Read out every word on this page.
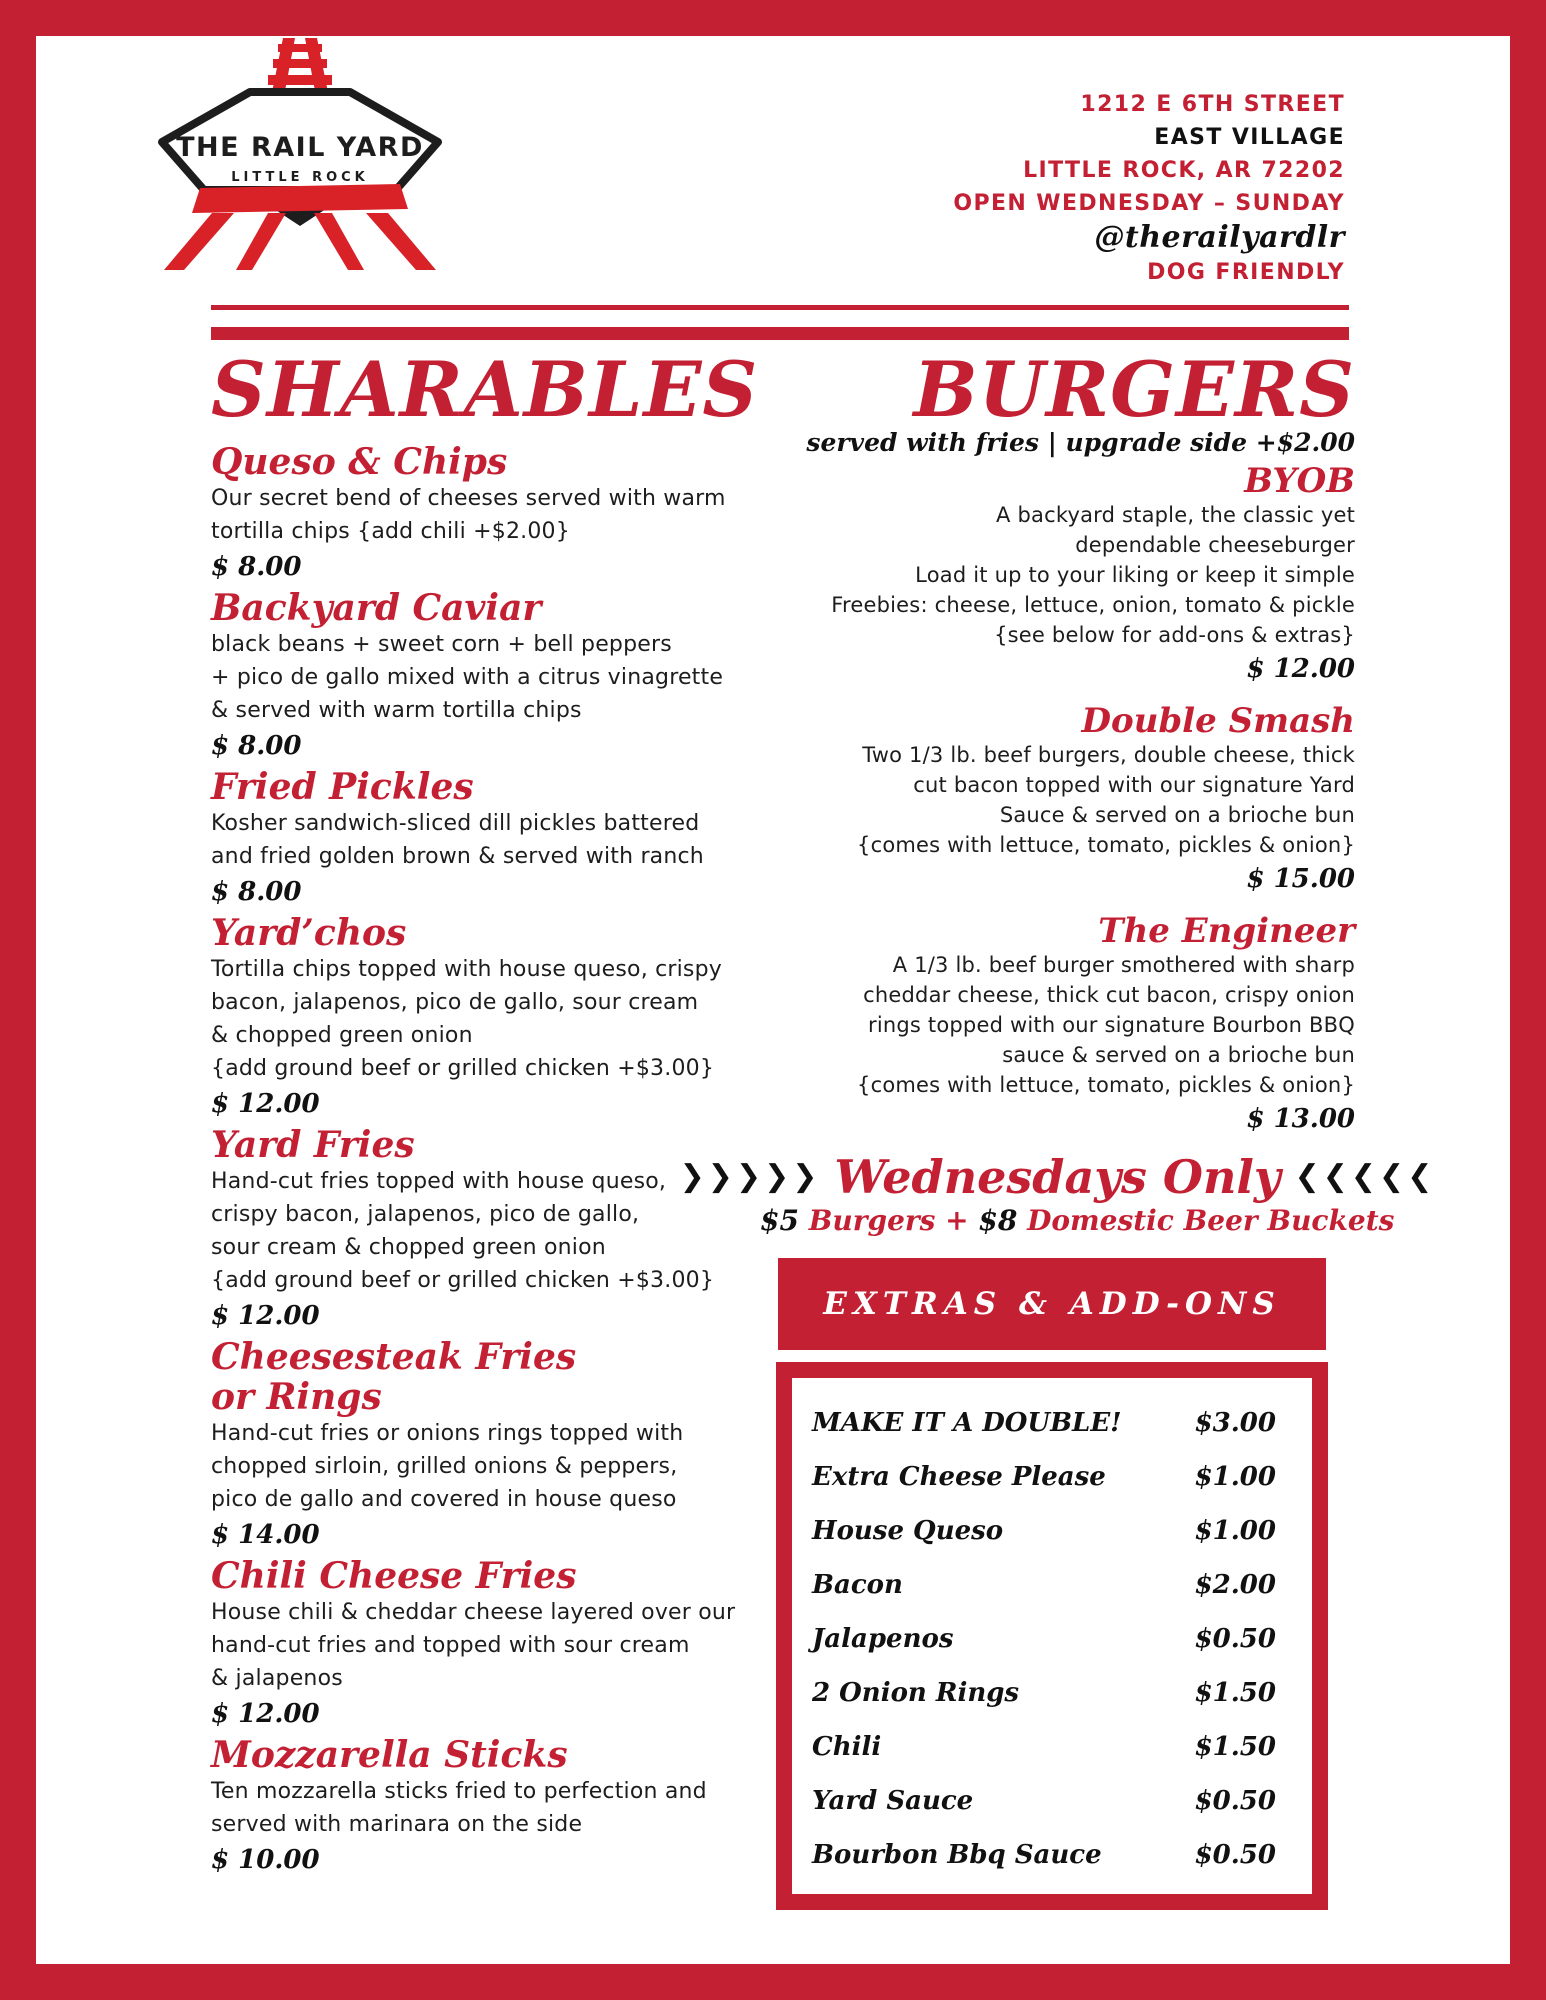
THE RAIL YARD
LITTLE ROCK
1212 E 6TH STREET
EAST VILLAGE
LITTLE ROCK, AR 72202
OPEN WEDNESDAY – SUNDAY
@therailyardlr
DOG FRIENDLY
SHARABLES
Queso & Chips
Our secret bend of cheeses served with warm
tortilla chips {add chili +$2.00}
$ 8.00
Backyard Caviar
black beans + sweet corn + bell peppers
+ pico de gallo mixed with a citrus vinagrette
& served with warm tortilla chips
$ 8.00
Fried Pickles
Kosher sandwich-sliced dill pickles battered
and fried golden brown & served with ranch
$ 8.00
Yard’chos
Tortilla chips topped with house queso, crispy
bacon, jalapenos, pico de gallo, sour cream
& chopped green onion
{add ground beef or grilled chicken +$3.00}
$ 12.00
Yard Fries
Hand-cut fries topped with house queso,
crispy bacon, jalapenos, pico de gallo,
sour cream & chopped green onion
{add ground beef or grilled chicken +$3.00}
$ 12.00
Cheesesteak Fries
or Rings
Hand-cut fries or onions rings topped with
chopped sirloin, grilled onions & peppers,
pico de gallo and covered in house queso
$ 14.00
Chili Cheese Fries
House chili & cheddar cheese layered over our
hand-cut fries and topped with sour cream
& jalapenos
$ 12.00
Mozzarella Sticks
Ten mozzarella sticks fried to perfection and
served with marinara on the side
$ 10.00
BURGERS
served with fries | upgrade side +$2.00
BYOB
A backyard staple, the classic yet
dependable cheeseburger
Load it up to your liking or keep it simple
Freebies: cheese, lettuce, onion, tomato & pickle
{see below for add-ons & extras}
$ 12.00
Double Smash
Two 1/3 lb. beef burgers, double cheese, thick
cut bacon topped with our signature Yard
Sauce & served on a brioche bun
{comes with lettuce, tomato, pickles & onion}
$ 15.00
The Engineer
A 1/3 lb. beef burger smothered with sharp
cheddar cheese, thick cut bacon, crispy onion
rings topped with our signature Bourbon BBQ
sauce & served on a brioche bun
{comes with lettuce, tomato, pickles & onion}
$ 13.00
❯❯❯❯❯ Wednesdays Only ❮❮❮❮❮
$5 Burgers + $8 Domestic Beer Buckets
EXTRAS & ADD-ONS
MAKE IT A DOUBLE!	$3.00
Extra Cheese Please	$1.00
House Queso	$1.00
Bacon	$2.00
Jalapenos	$0.50
2 Onion Rings	$1.50
Chili	$1.50
Yard Sauce	$0.50
Bourbon Bbq Sauce	$0.50
